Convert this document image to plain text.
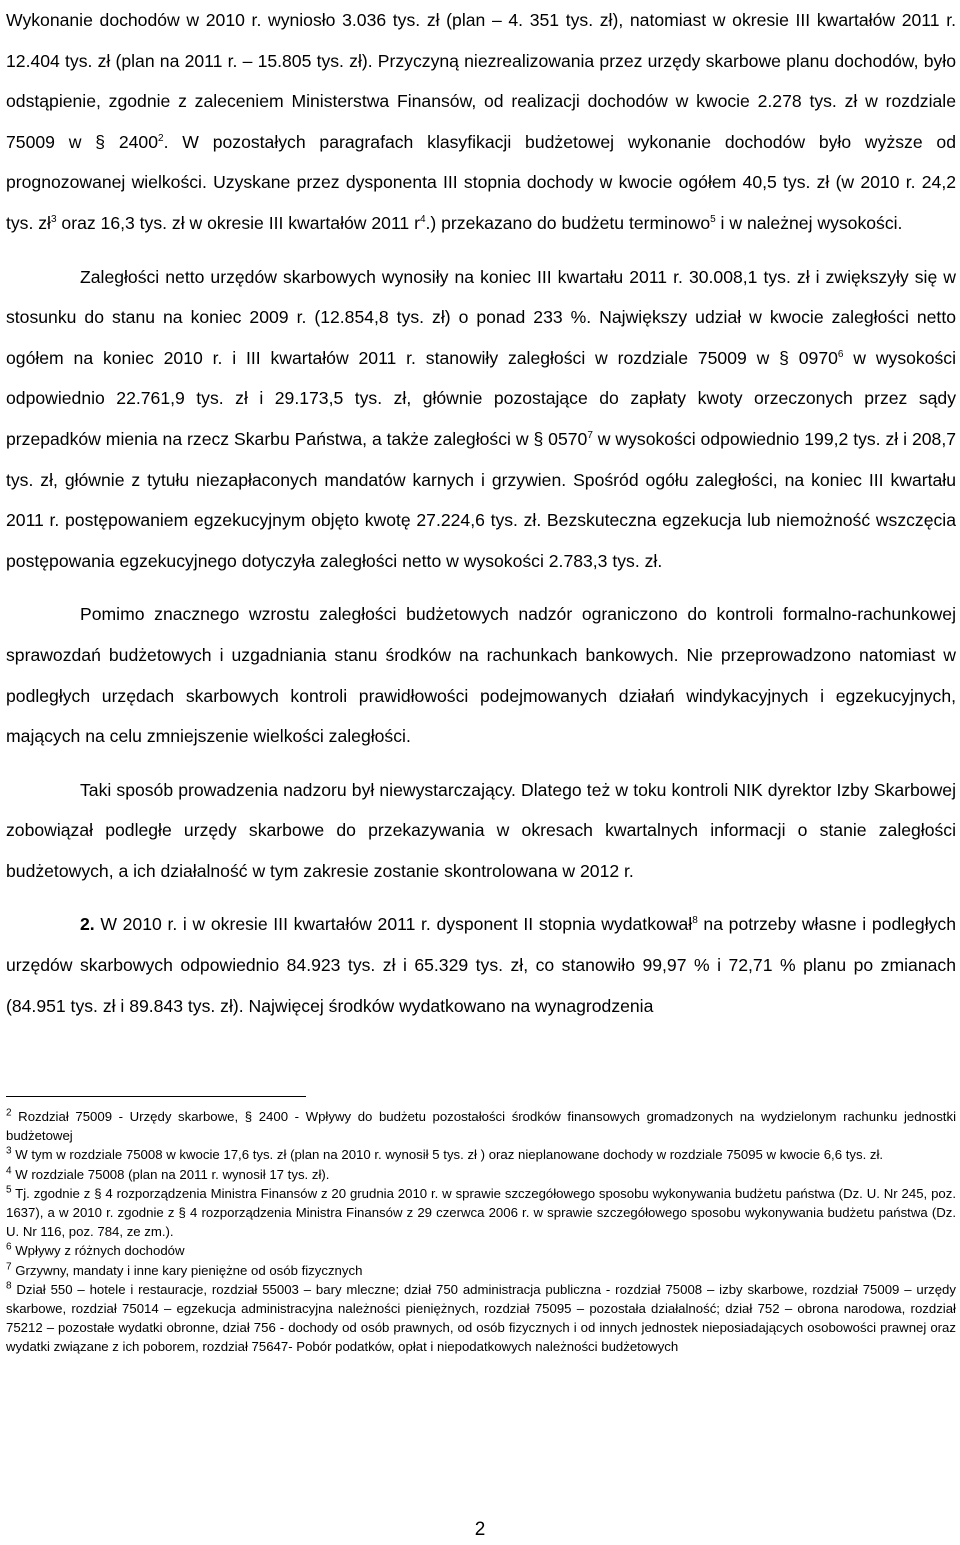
Wykonanie dochodów w 2010 r. wyniosło 3.036 tys. zł (plan – 4. 351 tys. zł), natomiast w okresie III kwartałów 2011 r. 12.404 tys. zł (plan na 2011 r. – 15.805 tys. zł). Przyczyną niezrealizowania przez urzędy skarbowe planu dochodów, było odstąpienie, zgodnie z zaleceniem Ministerstwa Finansów, od realizacji dochodów w kwocie 2.278 tys. zł w rozdziale 75009 w § 2400$^2$. W pozostałych paragrafach klasyfikacji budżetowej wykonanie dochodów było wyższe od prognozowanej wielkości. Uzyskane przez dysponenta III stopnia dochody w kwocie ogółem 40,5 tys. zł (w 2010 r. 24,2 tys. $zł^3$ oraz 16,3 tys. zł w okresie III kwartałów 2011 $r^4$.) przekazano do budżetu terminowo$^5$ i w należnej wysokości.

Zaległości netto urzędów skarbowych wynosiły na koniec III kwartału 2011 r. 30.008,1 tys. zł i zwiększyły się w stosunku do stanu na koniec 2009 r. (12.854,8 tys. zł) o ponad 233 %. Największy udział w kwocie zaległości netto ogółem na koniec 2010 r. i III kwartałów 2011 r. stanowiły zaległości w rozdziale 75009 w § 0970$^6$ w wysokości odpowiednio 22.761,9 tys. zł i 29.173,5 tys. zł, głównie pozostające do zapłaty kwoty orzeczonych przez sądy przepadków mienia na rzecz Skarbu Państwa, a także zaległości w § 0570$^7$ w wysokości odpowiednio 199,2 tys. zł i 208,7 tys. zł, głównie z tytułu niezapłaconych mandatów karnych i grzywien. Spośród ogółu zaległości, na koniec III kwartału 2011 r. postępowaniem egzekucyjnym objęto kwotę 27.224,6 tys. zł. Bezskuteczna egzekucja lub niemożność wszczęcia postępowania egzekucyjnego dotyczyła zaległości netto w wysokości 2.783,3 tys. zł.

Pomimo znacznego wzrostu zaległości budżetowych nadzór ograniczono do kontroli formalno-rachunkowej sprawozdań budżetowych i uzgadniania stanu środków na rachunkach bankowych. Nie przeprowadzono natomiast w podległych urzędach skarbowych kontroli prawidłowości podejmowanych działań windykacyjnych i egzekucyjnych, mających na celu zmniejszenie wielkości zaległości.

Taki sposób prowadzenia nadzoru był niewystarczający. Dlatego też w toku kontroli NIK dyrektor Izby Skarbowej zobowiązał podległe urzędy skarbowe do przekazywania w okresach kwartalnych informacji o stanie zaległości budżetowych, a ich działalność w tym zakresie zostanie skontrolowana w 2012 r.

2. W 2010 r. i w okresie III kwartałów 2011 r. dysponent II stopnia wydatkował$^8$ na potrzeby własne i podległych urzędów skarbowych odpowiednio 84.923 tys. zł i 65.329 tys. zł, co stanowiło 99,97 % i 72,71 % planu po zmianach (84.951 tys. zł i 89.843 tys. zł). Najwięcej środków wydatkowano na wynagrodzenia

$^2$ Rozdział 75009 - Urzędy skarbowe, § 2400 - Wpływy do budżetu pozostałości środków finansowych gromadzonych na wydzielonym rachunku jednostki budżetowej

$^3$ W tym w rozdziale 75008 w kwocie 17,6 tys. zł (plan na 2010 r. wynosił 5 tys. zł ) oraz nieplanowane dochody w rozdziale 75095 w kwocie 6,6 tys. zł.

$^4$ W rozdziale 75008 (plan na 2011 r. wynosił 17 tys. zł).

$^5$ Tj. zgodnie z § 4 rozporządzenia Ministra Finansów z 20 grudnia 2010 r. w sprawie szczegółowego sposobu wykonywania budżetu państwa (Dz. U. Nr 245, poz. 1637), a w 2010 r. zgodnie z § 4 rozporządzenia Ministra Finansów z 29 czerwca 2006 r. w sprawie szczegółowego sposobu wykonywania budżetu państwa (Dz. U. Nr 116, poz. 784, ze zm.).

$^6$ Wpływy z różnych dochodów

$^7$ Grzywny, mandaty i inne kary pieniężne od osób fizycznych

$^8$ Dział 550 – hotele i restauracje, rozdział 55003 – bary mleczne; dział 750 administracja publiczna - rozdział 75008 – izby skarbowe, rozdział 75009 – urzędy skarbowe, rozdział 75014 – egzekucja administracyjna należności pieniężnych, rozdział 75095 – pozostała działalność; dział 752 – obrona narodowa, rozdział 75212 – pozostałe wydatki obronne, dział 756 - dochody od osób prawnych, od osób fizycznych i od innych jednostek nieposiadających osobowości prawnej oraz wydatki związane z ich poborem, rozdział 75647- Pobór podatków, opłat i niepodatkowych należności budżetowych

2
